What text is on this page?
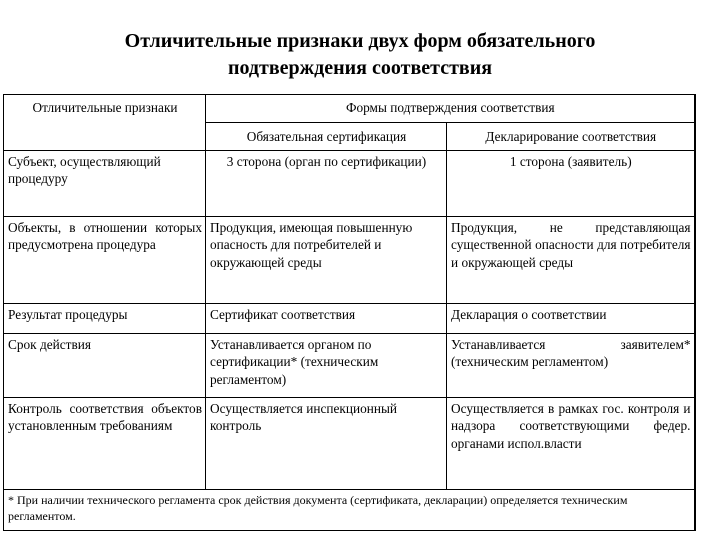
Отличительные признаки двух форм обязательного
подтверждения соответствия
Отличительные признаки	Формы подтверждения соответствия	
	Обязательная сертификация	Декларирование соответствия
Субъект, осуществляющий процедуру	3 сторона (орган по сертификации)	1 сторона (заявитель)
Объекты, в отношении которых предусмотрена процедура	Продукция, имеющая повышенную опасность для потребителей и окружающей среды	Продукция, не представляющая существенной опасности для потребителя и окружающей среды
Результат процедуры	Сертификат соответствия	Декларация о соответствии
Срок действия	Устанавливается органом по сертификации* (техническим регламентом)	Устанавливается заявителем* (техническим регламентом)
Контроль соответствия объектов установленным требованиям	Осуществляется инспекционный контроль	Осуществляется в рамках гос. контроля и надзора соответствующими федер. органами испол.власти
* При наличии технического регламента срок действия документа (сертификата, декларации) определяется техническим регламентом.		
